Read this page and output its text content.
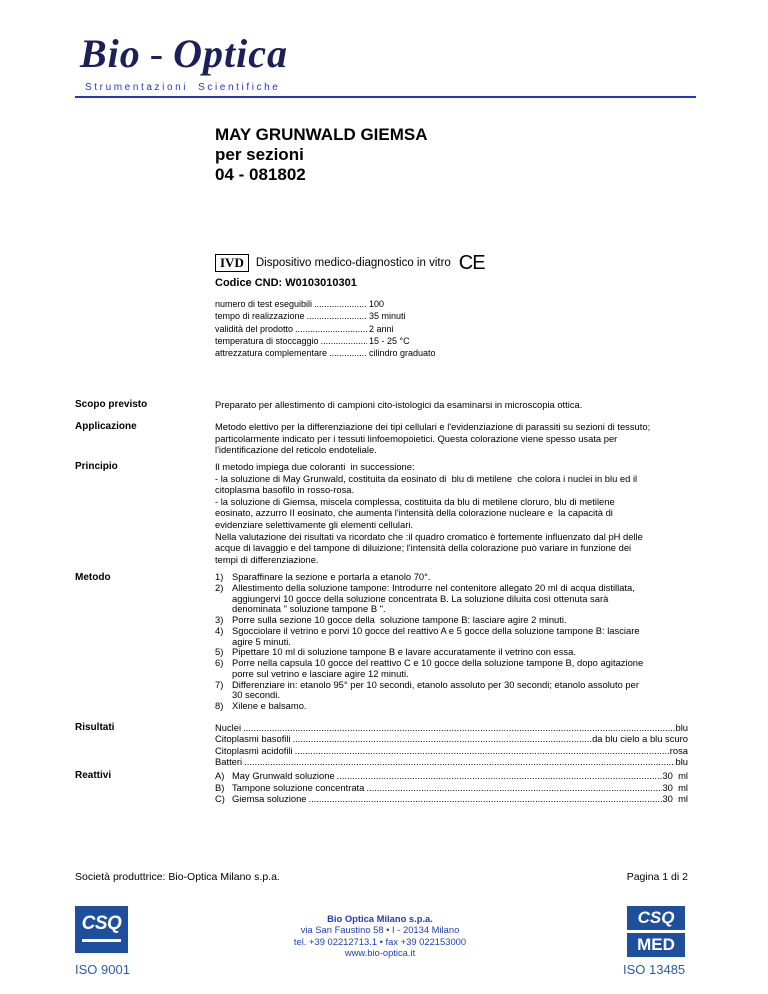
Bio - Optica
Strumentazioni Scientifiche
MAY GRUNWALD GIEMSA
per sezioni
04 - 081802
IVD	Dispositivo medico-diagnostico in vitro CE
Codice CND: W0103010301
numero di test eseguibili .....	100
tempo di realizzazione .....	35 minuti
validità del prodotto .....	2 anni
temperatura di stoccaggio .....	15 - 25 °C
attrezzatura complementare .....	cilindro graduato
Scopo previsto	Preparato per allestimento di campioni cito-istologici da esaminarsi in microscopia ottica.
Applicazione	Metodo elettivo per la differenziazione dei tipi cellulari e l'evidenziazione di parassiti su sezioni di tessuto;
particolarmente indicato per i tessuti linfoemopoietici. Questa colorazione viene spesso usata per
l'identificazione del reticolo endoteliale.
Principio	Il metodo impiega due coloranti  in successione:
- la soluzione di May Grunwald, costituita da eosinato di  blu di metilene  che colora i nuclei in blu ed il
citoplasma basofilo in rosso-rosa.
- la soluzione di Giemsa, miscela complessa, costituita da blu di metilene cloruro, blu di metilene
eosinato, azzurro II eosinato, che aumenta l'intensità della colorazione nucleare e  la capacità di
evidenziare selettivamente gli elementi cellulari.
Nella valutazione dei risultati va ricordato che :il quadro cromatico è fortemente influenzato dal pH delle
acque di lavaggio e del tampone di diluizione; l'intensità della colorazione può variare in funzione dei
tempi di differenziazione.
Metodo	1) Sparaffinare la sezione e portarla a etanolo 70°.
2) Allestimento della soluzione tampone: Introdurre nel contenitore allegato 20 ml di acqua distillata,
aggiungervi 10 gocce della soluzione concentrata B. La soluzione diluita così ottenuta sarà
denominata " soluzione tampone B ".
3) Porre sulla sezione 10 gocce della  soluzione tampone B: lasciare agire 2 minuti.
4) Sgocciolare il vetrino e porvi 10 gocce del reattivo A e 5 gocce della soluzione tampone B: lasciare
agire 5 minuti.
5) Pipettare 10 ml di soluzione tampone B e lavare accuratamente il vetrino con essa.
6) Porre nella capsula 10 gocce del reattivo C e 10 gocce della soluzione tampone B, dopo agitazione
porre sul vetrino e lasciare agire 12 minuti.
7) Differenziare in: etanolo 95° per 10 secondi, etanolo assoluto per 30 secondi; etanolo assoluto per
30 secondi.
8) Xilene e balsamo.
Risultati	Nuclei .....	blu
Citoplasmi basofili .....	da blu cielo a blu scuro
Citoplasmi acidofili .....	rosa
Batteri .....	blu
Reattivi	A) May Grunwald soluzione .....	30  ml
B) Tampone soluzione concentrata .....	30  ml
C) Giemsa soluzione .....	30  ml
Società produttrice: Bio-Optica Milano s.p.a.	Pagina 1 di 2
CSQ
ISO 9001
Bio Optica Milano s.p.a.
via San Faustino 58 • I - 20134 Milano
tel. +39 02212713.1 • fax +39 022153000
www.bio-optica.it
CSQ
MED
ISO 13485
